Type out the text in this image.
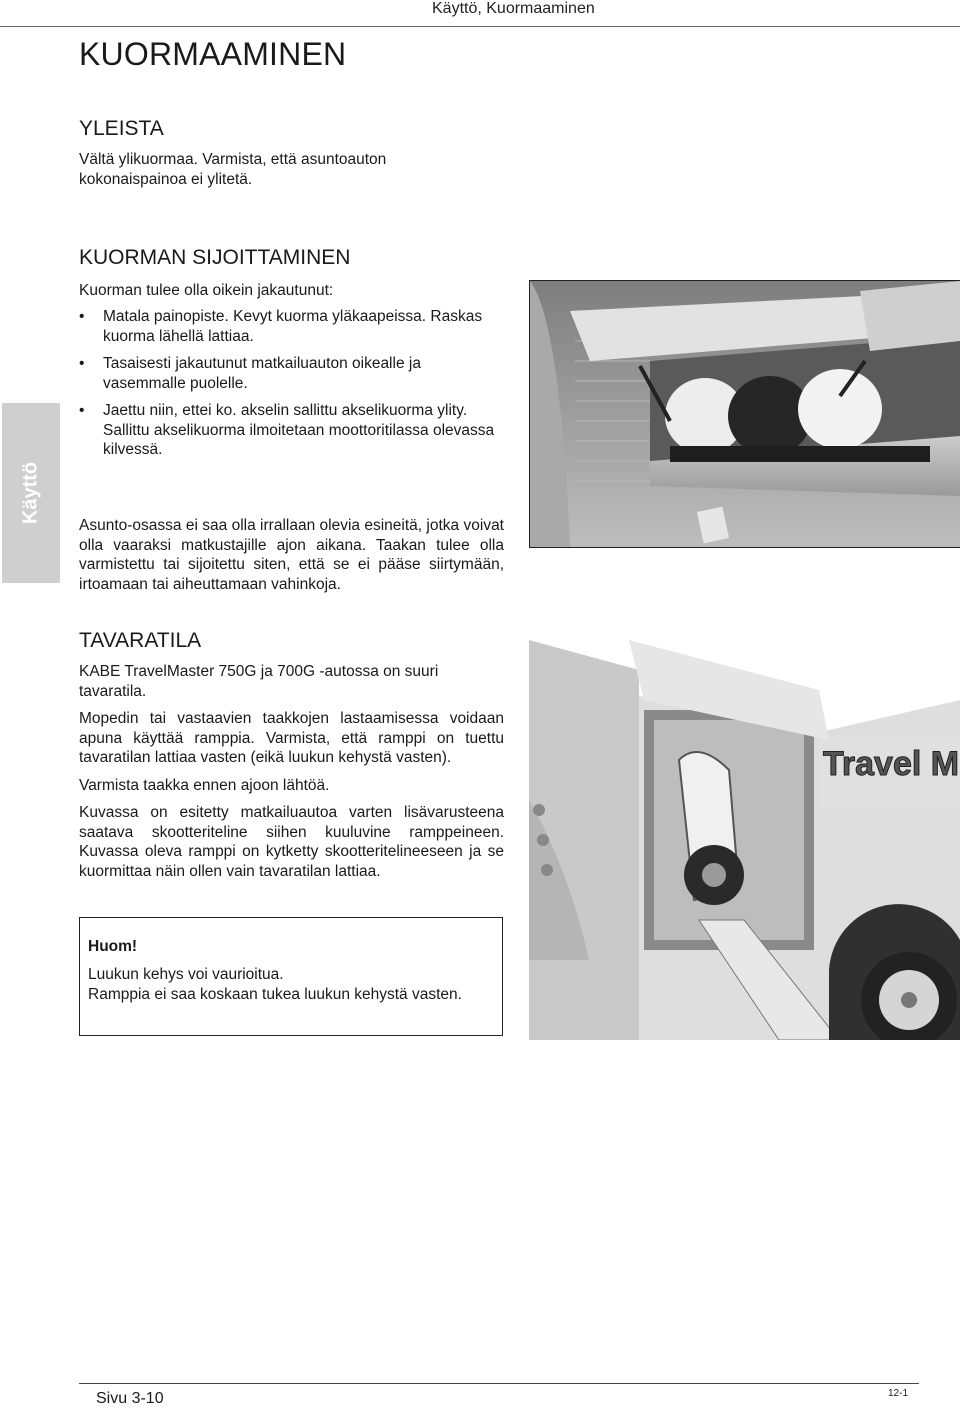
Käyttö, Kuormaaminen
KUORMAAMINEN
Käyttö
YLEISTA

Vältä ylikuormaa. Varmista, että asuntoauton kokonaispainoa ei ylitetä.

KUORMAN SIJOITTAMINEN
Kuorman tulee olla oikein jakautunut:
• Matala painopiste. Kevyt kuorma yläkaapeissa. Raskas kuorma lähellä lattiaa.
• Tasaisesti jakautunut matkailuauton oikealle ja vasemmalle puolelle.
• Jaettu niin, ettei ko. akselin sallittu akselikuorma ylity. Sallittu akselikuorma ilmoitetaan moottoritilassa olevassa kilvessä.
Asunto-osassa ei saa olla irrallaan olevia esineitä, jotka voivat olla vaaraksi matkustajille ajon aikana. Taakan tulee olla varmistettu tai sijoitettu siten, että se ei pääse siirtymään, irtoamaan tai aiheuttamaan vahinkoja.
TAVARATILA

KABE TravelMaster 750G ja 700G -autossa on suuri tavaratila.

Mopedin tai vastaavien taakkojen lastaamisessa voidaan apuna käyttää ramppia. Varmista, että ramppi on tuettu tavaratilan lattiaa vasten (eikä luukun kehystä vasten).

Varmista taakka ennen ajoon lähtöä.

Kuvassa on esitetty matkailuautoa varten lisävarusteena saatava skootteriteline siihen kuuluvine ramppeineen. Kuvassa oleva ramppi on kytketty skootteritelineeseen ja se kuormittaa näin ollen vain tavaratilan lattiaa.

Travel M
Huom!
Luukun kehys voi vaurioitua.
Ramppia ei saa koskaan tukea luukun kehystä vasten.
Sivu 3-10	12-1
